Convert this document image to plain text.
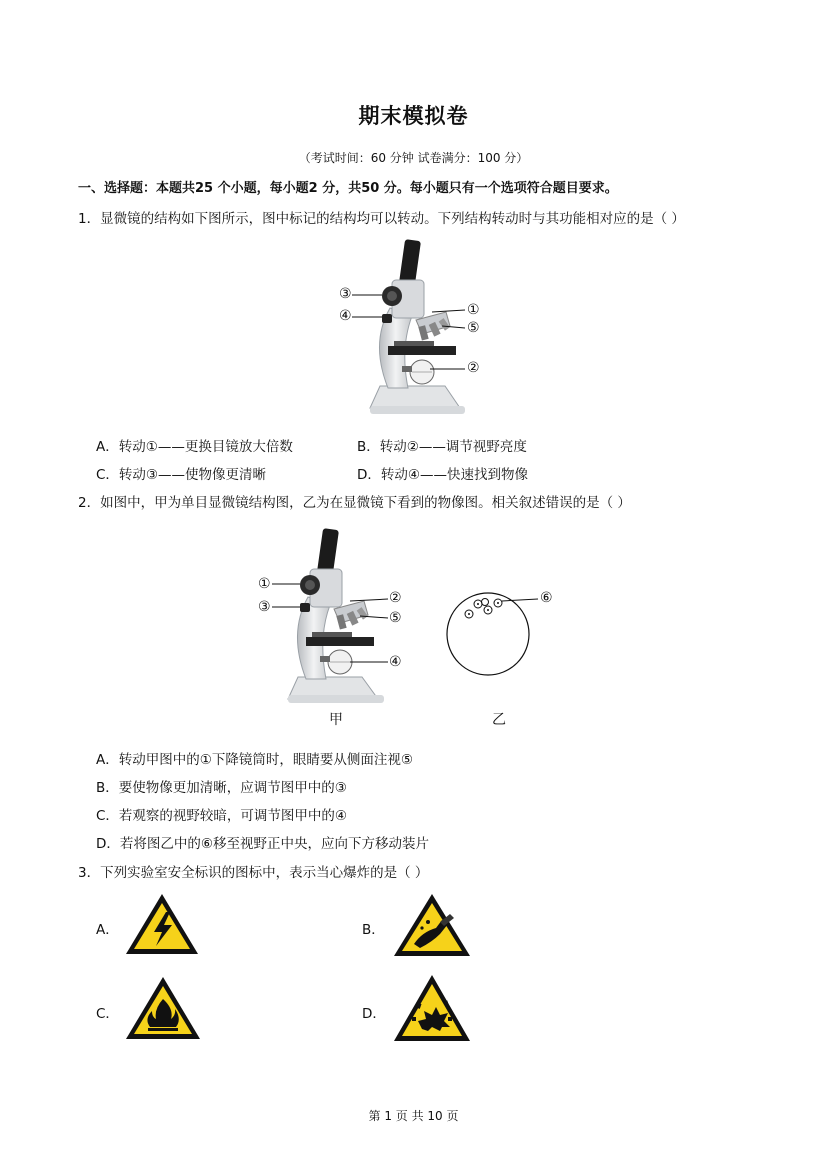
期末模拟卷
（考试时间：60 分钟 试卷满分：100 分）
一、选择题：本题共25 个小题，每小题2 分，共50 分。每小题只有一个选项符合题目要求。
1．显微镜的结构如下图所示，图中标记的结构均可以转动。下列结构转动时与其功能相对应的是（ ）
③
④	①
⑤
②
A．转动①——更换目镜放大倍数	B．转动②——调节视野亮度
C．转动③——使物像更清晰	D．转动④——快速找到物像
2．如图中，甲为单目显微镜结构图，乙为在显微镜下看到的物像图。相关叙述错误的是（ ）
①
③
②
⑤
④
⑥
甲	乙
A．转动甲图中的①下降镜筒时，眼睛要从侧面注视⑤
B．要使物像更加清晰，应调节图甲中的③
C．若观察的视野较暗，可调节图甲中的④
D．若将图乙中的⑥移至视野正中央，应向下方移动装片
3．下列实验室安全标识的图标中，表示当心爆炸的是（ ）
A．	B．
C．	D．
第 1 页 共 10 页
